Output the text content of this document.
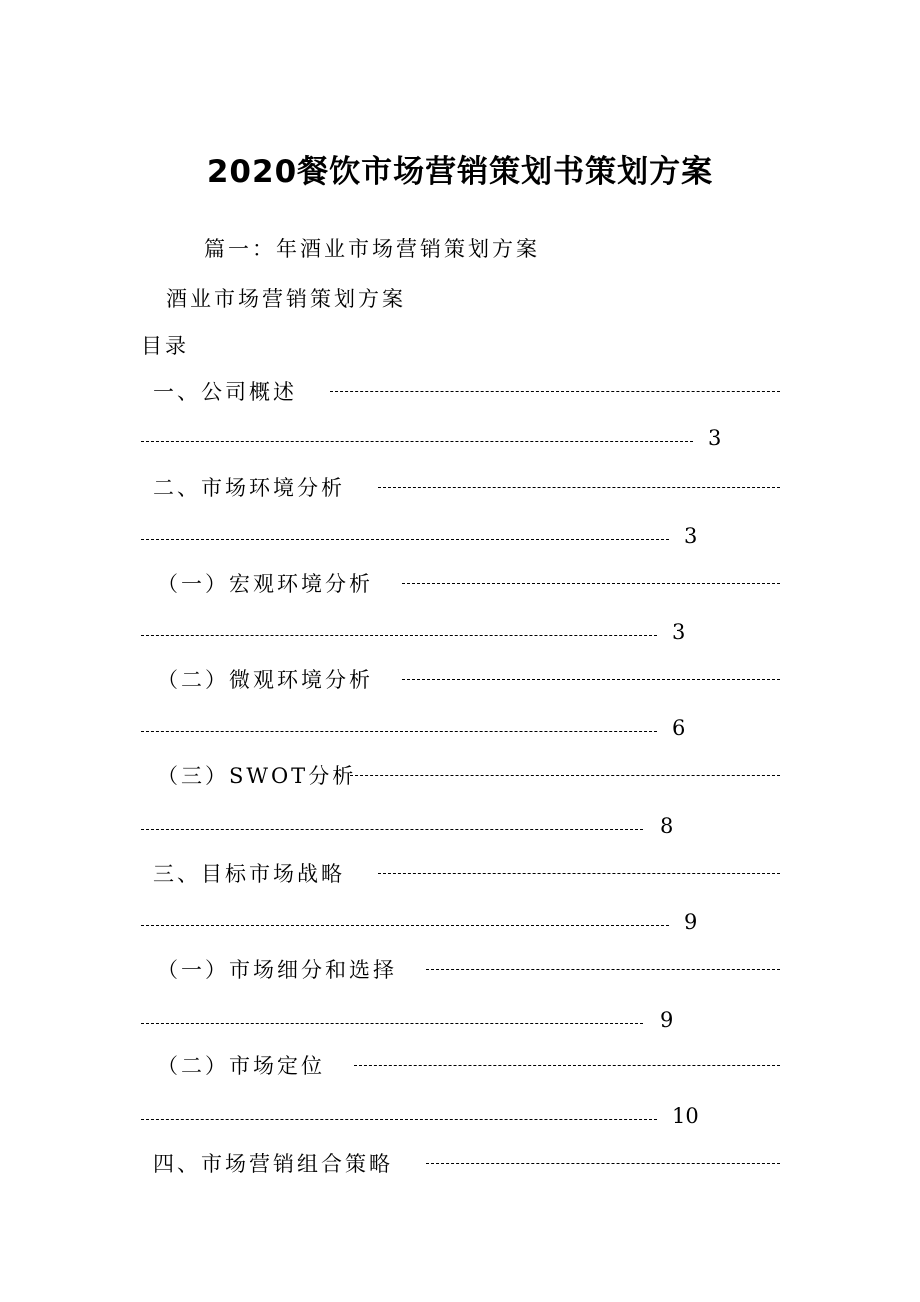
2020餐饮市场营销策划书策划方案
篇一：年酒业市场营销策划方案
酒业市场营销策划方案
目录
一、公司概述
3
二、市场环境分析
3
（一）宏观环境分析
3
（二）微观环境分析
6
（三）SWOT分析
8
三、目标市场战略
9
（一）市场细分和选择
9
（二）市场定位
10
四、市场营销组合策略
